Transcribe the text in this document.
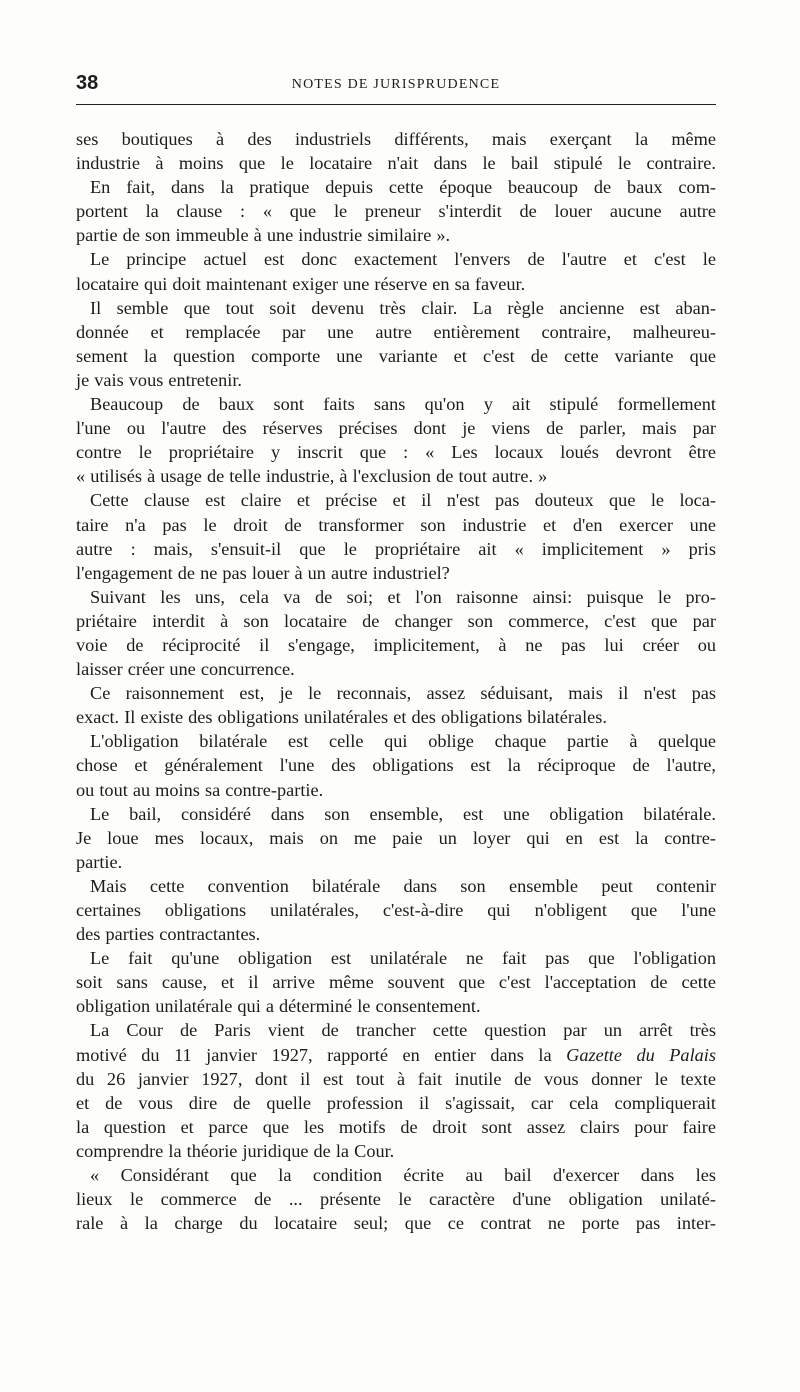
38	NOTES DE JURISPRUDENCE
ses boutiques à des industriels différents, mais exerçant la même
industrie à moins que le locataire n'ait dans le bail stipulé le contraire.
En fait, dans la pratique depuis cette époque beaucoup de baux com-
portent la clause : « que le preneur s'interdit de louer aucune autre
partie de son immeuble à une industrie similaire ».
Le principe actuel est donc exactement l'envers de l'autre et c'est le
locataire qui doit maintenant exiger une réserve en sa faveur.
Il semble que tout soit devenu très clair. La règle ancienne est aban-
donnée et remplacée par une autre entièrement contraire, malheureu-
sement la question comporte une variante et c'est de cette variante que
je vais vous entretenir.
Beaucoup de baux sont faits sans qu'on y ait stipulé formellement
l'une ou l'autre des réserves précises dont je viens de parler, mais par
contre le propriétaire y inscrit que : « Les locaux loués devront être
« utilisés à usage de telle industrie, à l'exclusion de tout autre. »
Cette clause est claire et précise et il n'est pas douteux que le loca-
taire n'a pas le droit de transformer son industrie et d'en exercer une
autre : mais, s'ensuit-il que le propriétaire ait « implicitement » pris
l'engagement de ne pas louer à un autre industriel?
Suivant les uns, cela va de soi; et l'on raisonne ainsi: puisque le pro-
priétaire interdit à son locataire de changer son commerce, c'est que par
voie de réciprocité il s'engage, implicitement, à ne pas lui créer ou
laisser créer une concurrence.
Ce raisonnement est, je le reconnais, assez séduisant, mais il n'est pas
exact. Il existe des obligations unilatérales et des obligations bilatérales.
L'obligation bilatérale est celle qui oblige chaque partie à quelque
chose et généralement l'une des obligations est la réciproque de l'autre,
ou tout au moins sa contre-partie.
Le bail, considéré dans son ensemble, est une obligation bilatérale.
Je loue mes locaux, mais on me paie un loyer qui en est la contre-
partie.
Mais cette convention bilatérale dans son ensemble peut contenir
certaines obligations unilatérales, c'est-à-dire qui n'obligent que l'une
des parties contractantes.
Le fait qu'une obligation est unilatérale ne fait pas que l'obligation
soit sans cause, et il arrive même souvent que c'est l'acceptation de cette
obligation unilatérale qui a déterminé le consentement.
La Cour de Paris vient de trancher cette question par un arrêt très
motivé du 11 janvier 1927, rapporté en entier dans la Gazette du Palais
du 26 janvier 1927, dont il est tout à fait inutile de vous donner le texte
et de vous dire de quelle profession il s'agissait, car cela compliquerait
la question et parce que les motifs de droit sont assez clairs pour faire
comprendre la théorie juridique de la Cour.
« Considérant que la condition écrite au bail d'exercer dans les
lieux le commerce de ... présente le caractère d'une obligation unilaté-
rale à la charge du locataire seul; que ce contrat ne porte pas inter-
